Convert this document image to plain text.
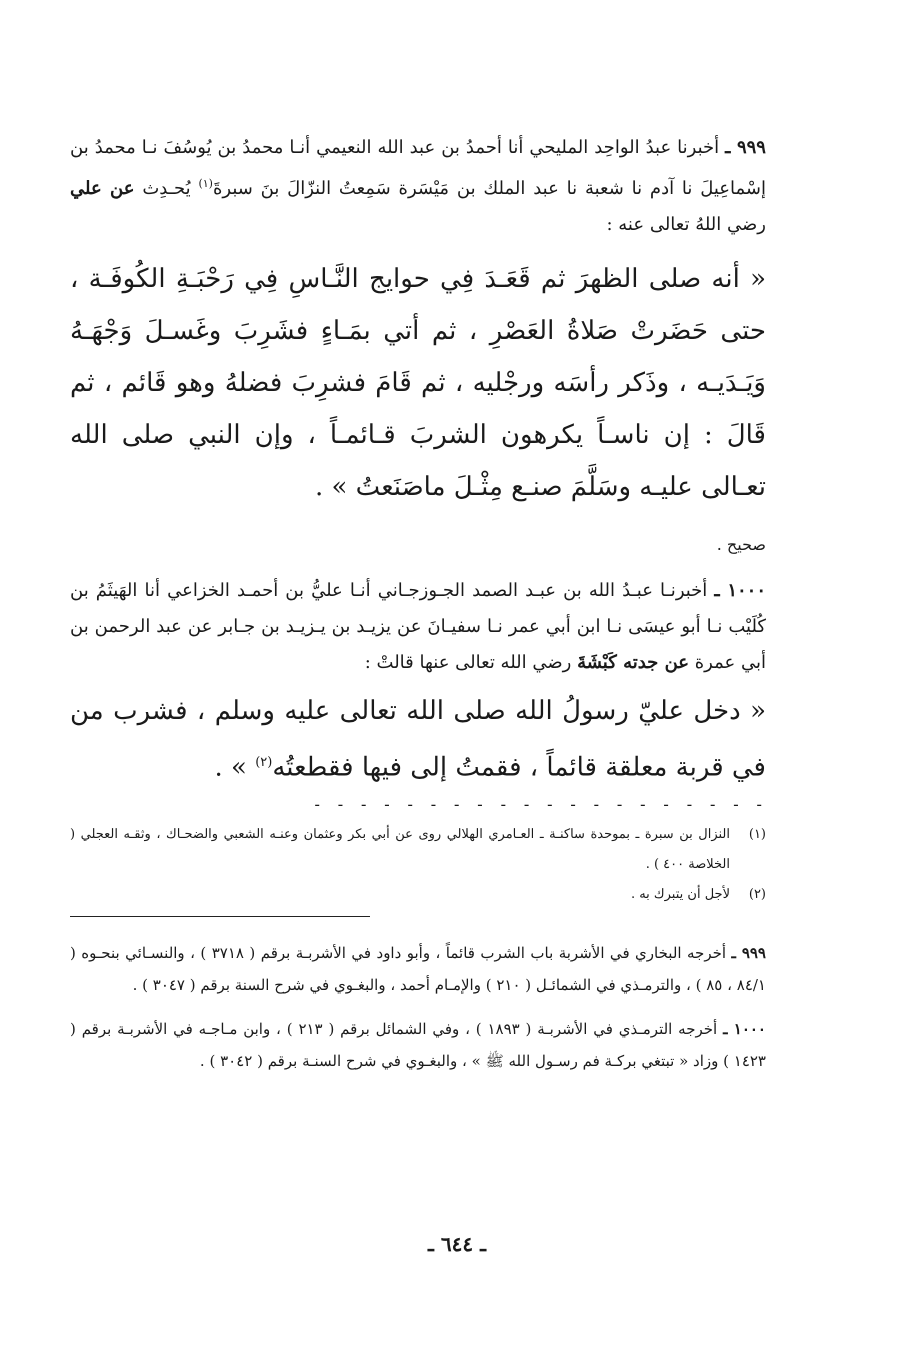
٩٩٩ ـ أخبرنا عبدُ الواحِد المليحي أنا أحمدُ بن عبد الله النعيمي أنـا محمدُ بن يُوسُفَ نـا محمدُ بن إسْماعِيلَ نا آدم نا شعبة نا عبد الملك بن مَيْسَرة سَمِعتُ النزّالَ بنَ سبرةَ$^{(١)}$ يُحـدِث عن علي رضي اللهُ تعالى عنه :

« أنه صلى الظهرَ ثم قَعَـدَ فِي حوايج النَّـاسِ فِي رَحْبَـةِ الكُوفَـة ، حتى حَضَرتْ صَلاةُ العَصْرِ ، ثم أتي بمَـاءٍ فشَرِبَ وغَسـلَ وَجْهَـهُ وَيَـدَيـه ، وذَكر رأسَه ورجْليه ، ثم قَامَ فشرِبَ فضلهُ وهو قَائم ، ثم قَالَ : إن ناسـاً يكرهون الشربَ قـائمـاً ، وإن النبي صلى الله تعـالى عليـه وسَلَّمَ صنـع مِثْـلَ ماصَنَعتُ » .

صحيح .

١٠٠٠ ـ أخبرنـا عبـدُ الله بن عبـد الصمد الجـوزجـاني أنـا عليُّ بن أحمـد الخزاعي أنا الهَيثَمُ بن كُلَيْب نـا أبو عيسَى نـا ابن أبي عمر نـا سفيـانَ عن يزيـد بن يـزيـد بن جـابر عن عبد الرحمن بن أبي عمرة عن جدته كَبْشَةَ رضي الله تعالى عنها قالتْ :

« دخل عليّ رسولُ الله صلى الله تعالى عليه وسلم ، فشرب من في قربة معلقة قائماً ، فقمتُ إلى فيها فقطعتُه$^{(٢)}$ » .

- - - - - - - - - - - - - - - - - - - -
(١)
النزال بن سبرة ـ بموحدة ساكنـة ـ العـامري الهلالي روى عن أبي بكر وعثمان وعنـه الشعبي والضحـاك ، وثقـه العجلي ( الخلاصة ٤٠٠ ) .
(٢)
لأجل أن يتبرك به .

٩٩٩ ـ أخرجه البخاري في الأشربة باب الشرب قائماً ، وأبو داود في الأشربـة برقم ( ٣٧١٨ ) ، والنسـائي بنحـوه ( ٨٤/١ ، ٨٥ ) ، والترمـذي في الشمائـل ( ٢١٠ ) والإمـام أحمد ، والبغـوي في شرح السنة برقم ( ٣٠٤٧ ) .

١٠٠٠ ـ أخرجه الترمـذي في الأشربـة ( ١٨٩٣ ) ، وفي الشمائل برقم ( ٢١٣ ) ، وابن مـاجـه في الأشربـة برقم ( ١٤٢٣ ) وزاد « تبتغي بركـة فم رسـول الله ﷺ » ، والبغـوي في شرح السنـة برقم ( ٣٠٤٢ ) .

ـ ٦٤٤ ـ
